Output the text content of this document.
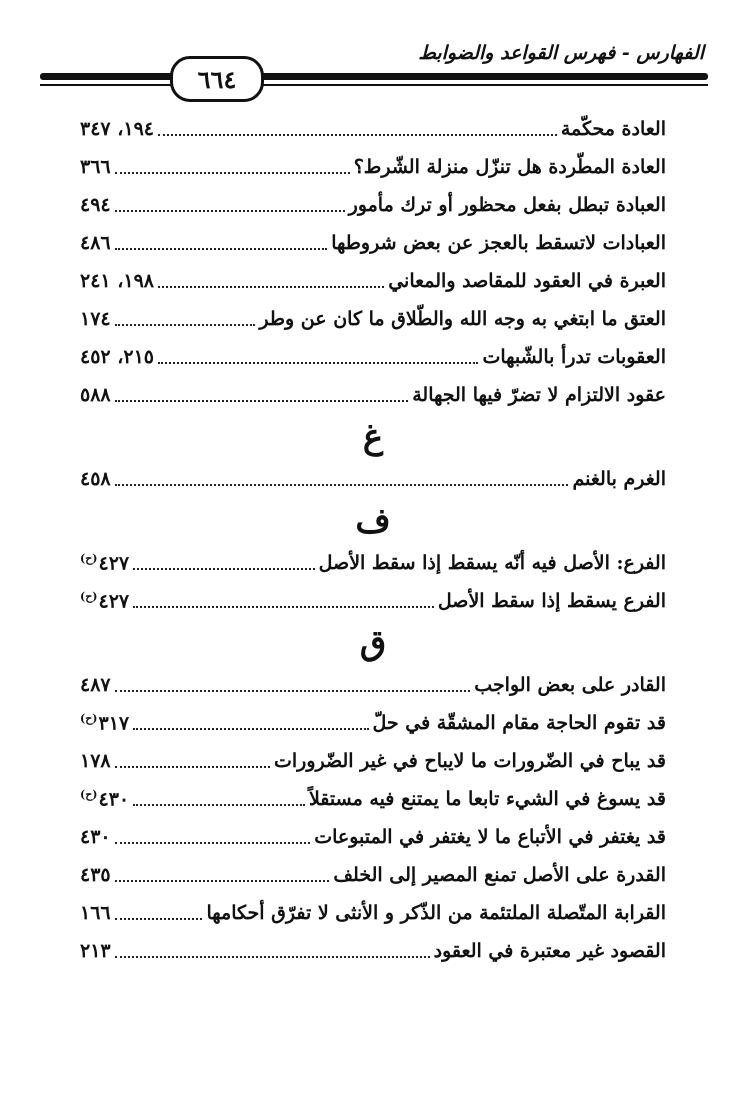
الفهارس - فهرس القواعد والضوابط
٦٦٤
العادة محكّمة
١٩٤، ٣٤٧
العادة المطّردة هل تنزّل منزلة الشّرط؟
٣٦٦
العبادة تبطل بفعل محظور أو ترك مأمور
٤٩٤
العبادات لاتسقط بالعجز عن بعض شروطها
٤٨٦
العبرة في العقود للمقاصد والمعاني
١٩٨، ٢٤١
العتق ما ابتغي به وجه الله والطّلاق ما كان عن وطر
١٧٤
العقوبات تدرأ بالشّبهات
٢١٥، ٤٥٢
عقود الالتزام لا تضرّ فيها الجهالة
٥٨٨
غ
الغرم بالغنم
٤٥٨
ف
الفرع: الأصل فيه أنّه يسقط إذا سقط الأصل
$٤٢٧^{(ح)}$
الفرع يسقط إذا سقط الأصل
$٤٢٧^{(ح)}$
ق
القادر على بعض الواجب
٤٨٧
قد تقوم الحاجة مقام المشقّة في حلّ
$٣١٧^{(ح)}$
قد يباح في الضّرورات ما لايباح في غير الضّرورات
١٧٨
قد يسوغ في الشيء تابعا ما يمتنع فيه مستقلاً
$٤٣٠^{(ح)}$
قد يغتفر في الأتباع ما لا يغتفر في المتبوعات
٤٣٠
القدرة على الأصل تمنع المصير إلى الخلف
٤٣٥
القرابة المتّصلة الملتئمة من الذّكر و الأنثى لا تفرّق أحكامها
١٦٦
القصود غير معتبرة في العقود
٢١٣
